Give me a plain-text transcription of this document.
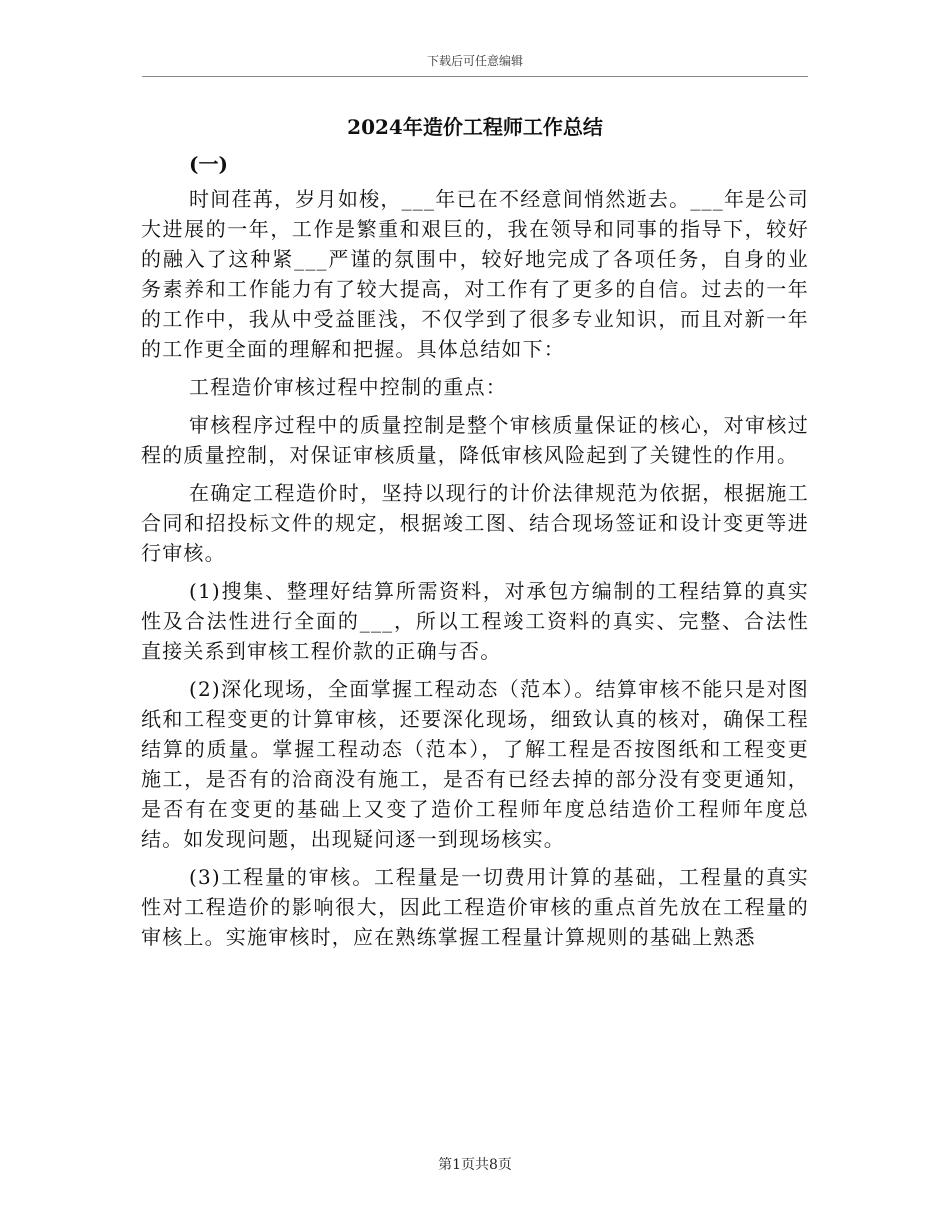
下载后可任意编辑
2024年造价工程师工作总结
(一)

时间荏苒，岁月如梭，___年已在不经意间悄然逝去。___年是公司大进展的一年，工作是繁重和艰巨的，我在领导和同事的指导下，较好的融入了这种紧___严谨的氛围中，较好地完成了各项任务，自身的业务素养和工作能力有了较大提高，对工作有了更多的自信。过去的一年的工作中，我从中受益匪浅，不仅学到了很多专业知识，而且对新一年的工作更全面的理解和把握。具体总结如下：

工程造价审核过程中控制的重点：

审核程序过程中的质量控制是整个审核质量保证的核心，对审核过程的质量控制，对保证审核质量，降低审核风险起到了关键性的作用。

在确定工程造价时，坚持以现行的计价法律规范为依据，根据施工合同和招投标文件的规定，根据竣工图、结合现场签证和设计变更等进行审核。

(1)搜集、整理好结算所需资料，对承包方编制的工程结算的真实性及合法性进行全面的___，所以工程竣工资料的真实、完整、合法性直接关系到审核工程价款的正确与否。

(2)深化现场，全面掌握工程动态（范本）。结算审核不能只是对图纸和工程变更的计算审核，还要深化现场，细致认真的核对，确保工程结算的质量。掌握工程动态（范本），了解工程是否按图纸和工程变更施工，是否有的洽商没有施工，是否有已经去掉的部分没有变更通知，是否有在变更的基础上又变了造价工程师年度总结造价工程师年度总结。如发现问题，出现疑问逐一到现场核实。

(3)工程量的审核。工程量是一切费用计算的基础，工程量的真实性对工程造价的影响很大，因此工程造价审核的重点首先放在工程量的审核上。实施审核时，应在熟练掌握工程量计算规则的基础上熟悉

第1页共8页
